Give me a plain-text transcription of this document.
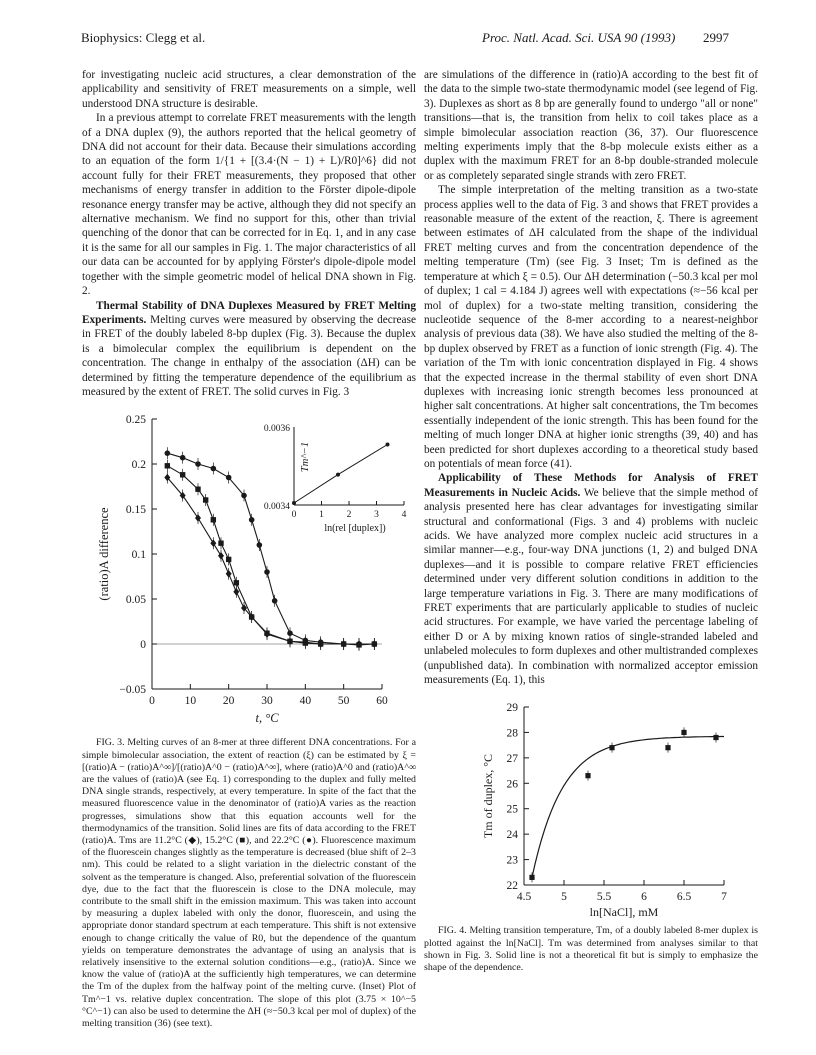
Biophysics: Clegg et al.	Proc. Natl. Acad. Sci. USA 90 (1993) 2997

for investigating nucleic acid structures, a clear demonstration of the applicability and sensitivity of FRET measurements on a simple, well understood DNA structure is desirable.

In a previous attempt to correlate FRET measurements with the length of a DNA duplex (9), the authors reported that the helical geometry of DNA did not account for their data. Because their simulations according to an equation of the form 1/{1 + [(3.4·(N − 1) + L)/R0]^6} did not account fully for their FRET measurements, they proposed that other mechanisms of energy transfer in addition to the Förster dipole-dipole resonance energy transfer may be active, although they did not specify an alternative mechanism. We find no support for this, other than trivial quenching of the donor that can be corrected for in Eq. 1, and in any case it is the same for all our samples in Fig. 1. The major characteristics of all our data can be accounted for by applying Förster's dipole-dipole model together with the simple geometric model of helical DNA shown in Fig. 2.

Thermal Stability of DNA Duplexes Measured by FRET Melting Experiments. Melting curves were measured by observing the decrease in FRET of the doubly labeled 8-bp duplex (Fig. 3). Because the duplex is a bimolecular complex the equilibrium is dependent on the concentration. The change in enthalpy of the association (ΔH) can be determined by fitting the temperature dependence of the equilibrium as measured by the extent of FRET. The solid curves in Fig. 3

0.25
0.2
0.15
0.1
0.05
0
−0.05
0	10 20 30 40 50 60
t, °C
(ratio)A difference	0 1 2 3 4
0.0036
0.0034
Tm^−1
ln(rel [duplex])

FIG. 3. Melting curves of an 8-mer at three different DNA concentrations. For a simple bimolecular association, the extent of reaction (ξ) can be estimated by ξ = [(ratio)A − (ratio)A^∞]/[(ratio)A^0 − (ratio)A^∞], where (ratio)A^0 and (ratio)A^∞ are the values of (ratio)A (see Eq. 1) corresponding to the duplex and fully melted DNA single strands, respectively, at every temperature. In spite of the fact that the measured fluorescence value in the denominator of (ratio)A varies as the reaction progresses, simulations show that this equation accounts well for the thermodynamics of the transition. Solid lines are fits of data according to the FRET (ratio)A. Tms are 11.2°C (◆), 15.2°C (■), and 22.2°C (●). Fluorescence maximum of the fluorescein changes slightly as the temperature is decreased (blue shift of 2–3 nm). This could be related to a slight variation in the dielectric constant of the solvent as the temperature is changed. Also, preferential solvation of the fluorescein dye, due to the fact that the fluorescein is close to the DNA molecule, may contribute to the small shift in the emission maximum. This was taken into account by measuring a duplex labeled with only the donor, fluorescein, and using the appropriate donor standard spectrum at each temperature. This shift is not extensive enough to change critically the value of R0, but the dependence of the quantum yields on temperature demonstrates the advantage of using an analysis that is relatively insensitive to the external solution conditions—e.g., (ratio)A. Since we know the value of (ratio)A at the sufficiently high temperatures, we can determine the Tm of the duplex from the halfway point of the melting curve. (Inset) Plot of Tm^−1 vs. relative duplex concentration. The slope of this plot (3.75 × 10^−5 °C^−1) can also be used to determine the ΔH (≈−50.3 kcal per mol of duplex) of the melting transition (36) (see text).

are simulations of the difference in (ratio)A according to the best fit of the data to the simple two-state thermodynamic model (see legend of Fig. 3). Duplexes as short as 8 bp are generally found to undergo "all or none" transitions—that is, the transition from helix to coil takes place as a simple bimolecular association reaction (36, 37). Our fluorescence melting experiments imply that the 8-bp molecule exists either as a duplex with the maximum FRET for an 8-bp double-stranded molecule or as completely separated single strands with zero FRET.

The simple interpretation of the melting transition as a two-state process applies well to the data of Fig. 3 and shows that FRET provides a reasonable measure of the extent of the reaction, ξ. There is agreement between estimates of ΔH calculated from the shape of the individual FRET melting curves and from the concentration dependence of the melting temperature (Tm) (see Fig. 3 Inset; Tm is defined as the temperature at which ξ = 0.5). Our ΔH determination (−50.3 kcal per mol of duplex; 1 cal = 4.184 J) agrees well with expectations (≈−56 kcal per mol of duplex) for a two-state melting transition, considering the nucleotide sequence of the 8-mer according to a nearest-neighbor analysis of previous data (38). We have also studied the melting of the 8-bp duplex observed by FRET as a function of ionic strength (Fig. 4). The variation of the Tm with ionic concentration displayed in Fig. 4 shows that the expected increase in the thermal stability of even short DNA duplexes with increasing ionic strength becomes less pronounced at higher salt concentrations. At higher salt concentrations, the Tm becomes essentially independent of the ionic strength. This has been found for the melting of much longer DNA at higher ionic strengths (39, 40) and has been predicted for short duplexes according to a theoretical study based on potentials of mean force (41).

Applicability of These Methods for Analysis of FRET Measurements in Nucleic Acids. We believe that the simple method of analysis presented here has clear advantages for investigating similar structural and conformational (Figs. 3 and 4) problems with nucleic acids. We have analyzed more complex nucleic acid structures in a similar manner—e.g., four-way DNA junctions (1, 2) and bulged DNA duplexes—and it is possible to compare relative FRET efficiencies determined under very different solution conditions in addition to the large temperature variations in Fig. 3. There are many modifications of FRET experiments that are particularly applicable to studies of nucleic acid structures. For example, we have varied the percentage labeling of either D or A by mixing known ratios of single-stranded labeled and unlabeled molecules to form duplexes and other multistranded complexes (unpublished data). In combination with normalized acceptor emission measurements (Eq. 1), this

29
28
27
26
25
24
23
22
4.5	5	5.5	6	6.5	7
ln[NaCl], mM
Tm of duplex, °C

FIG. 4. Melting transition temperature, Tm, of a doubly labeled 8-mer duplex is plotted against the ln[NaCl]. Tm was determined from analyses similar to that shown in Fig. 3. Solid line is not a theoretical fit but is simply to emphasize the shape of the dependence.
